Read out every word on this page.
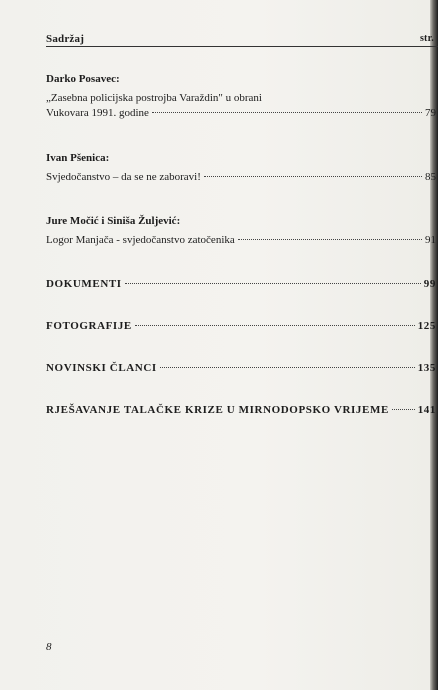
Sadržaj	str.
Darko Posavec:
„Zasebna policijska postrojba Varaždin" u obrani
Vukovara 1991. godine	79
Ivan Pšenica:
Svjedočanstvo – da se ne zaboravi!	85
Jure Močić i Siniša Žuljević:
Logor Manjača - svjedočanstvo zatočenika	91
DOKUMENTI	99
FOTOGRAFIJE	125
NOVINSKI ČLANCI	135
RJEŠAVANJE TALAČKE KRIZE U MIRNODOPSKO VRIJEME	141
8
